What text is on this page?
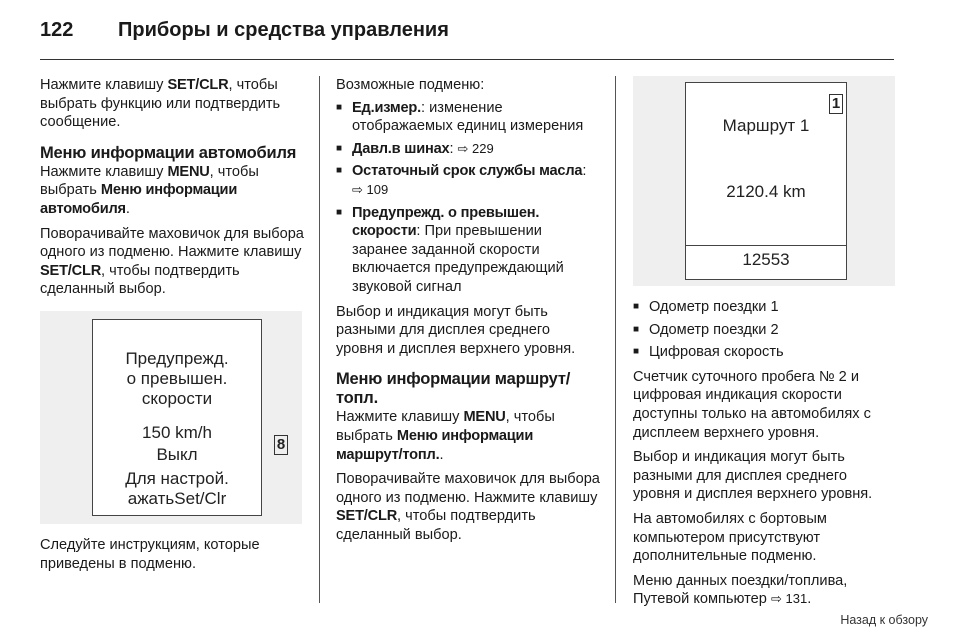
122 Приборы и средства управления

Нажмите клавишу SET/CLR, чтобы выбрать функцию или подтвердить сообщение.

Меню информации автомобиля

Нажмите клавишу MENU, чтобы выбрать Меню информации автомобиля.

Поворачивайте маховичок для выбора одного из подменю. Нажмите клавишу SET/CLR, чтобы подтвердить сделанный выбор.

Предупрежд.
о превышен.
скорости
150 km/h
Выкл
Для настрой.
ажатьSet/Clr
8

Следуйте инструкциям, которые приведены в подменю.

Возможные подменю:

■ Ед.измер.: изменение отображаемых единиц измерения
■ Давл.в шинах: ⇨ 229
■ Остаточный срок службы масла:
⇨ 109
■ Предупрежд. о превышен. скорости: При превышении заранее заданной скорости включается предупреждающий звуковой сигнал

Выбор и индикация могут быть разными для дисплея среднего уровня и дисплея верхнего уровня.

Меню информации маршрут/топл.

Нажмите клавишу MENU, чтобы выбрать Меню информации маршрут/топл..

Поворачивайте маховичок для выбора одного из подменю. Нажмите клавишу SET/CLR, чтобы подтвердить сделанный выбор.

Маршрут 1
2120.4 km
12553
1
■ Одометр поездки 1
■ Одометр поездки 2
■ Цифровая скорость

Счетчик суточного пробега № 2 и цифровая индикация скорости доступны только на автомобилях с дисплеем верхнего уровня.

Выбор и индикация могут быть разными для дисплея среднего уровня и дисплея верхнего уровня.

На автомобилях с бортовым компьютером присутствуют дополнительные подменю.

Меню данных поездки/топлива, Путевой компьютер ⇨ 131.

Назад к обзору
